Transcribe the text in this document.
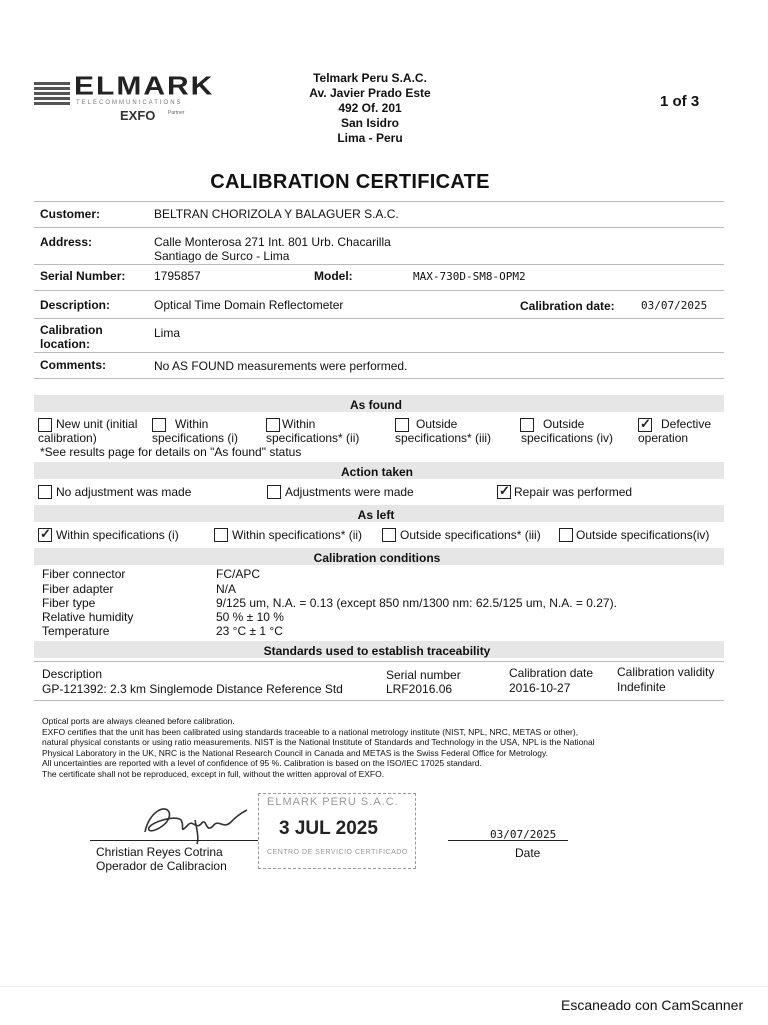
ELMARK
TELECOMMUNICATIONS
EXFO	Partner
Telmark Peru S.A.C.
Av. Javier Prado Este
492 Of. 201
San Isidro
Lima - Peru
1 of 3
CALIBRATION CERTIFICATE
Customer:	BELTRAN CHORIZOLA Y BALAGUER S.A.C.
Address:	Calle Monterosa 271 Int. 801 Urb. Chacarilla
Santiago de Surco - Lima
Serial Number: 1795857	Model:	MAX-730D-SM8-OPM2
Description:	Optical Time Domain Reflectometer	Calibration date: 03/07/2025
Calibration
location:
Lima
Comments:	No AS FOUND measurements were performed.
As found
New unit (initial
calibration)
Within
specifications (i)
Within
specifications* (ii)
Outside
specifications* (iii)
Outside
specifications (iv)
✓
Defective
operation
*See results page for details on "As found" status
Action taken
No adjustment was made	Adjustments were made
✓	Repair was performed
As left
✓
Within specifications (i)	Within specifications* (ii)	Outside specifications* (iii)	Outside specifications(iv)
Calibration conditions
Fiber connector	FC/APC
Fiber adapter	N/A
Fiber type	9/125 um, N.A. = 0.13 (except 850 nm/1300 nm: 62.5/125 um, N.A. = 0.27).
Relative humidity	50 % ± 10 %
Temperature	23 °C ± 1 °C
Standards used to establish traceability
Description	Serial number	Calibration date Calibration validity
GP-121392: 2.3 km Singlemode Distance Reference Std	LRF2016.06	2016-10-27	Indefinite
Optical ports are always cleaned before calibration.
EXFO certifies that the unit has been calibrated using standards traceable to a national metrology institute (NIST, NPL, NRC, METAS or other),
natural physical constants or using ratio measurements. NIST is the National Institute of Standards and Technology in the USA, NPL is the National
Physical Laboratory in the UK, NRC is the National Research Council in Canada and METAS is the Swiss Federal Office for Metrology.
All uncertainties are reported with a level of confidence of 95 %. Calibration is based on the ISO/IEC 17025 standard.
The certificate shall not be reproduced, except in full, without the written approval of EXFO.
Christian Reyes Cotrina
Operador de Calibracion
ELMARK PERU S.A.C.
3 JUL 2025
CENTRO DE SERVICIO CERTIFICADO
03/07/2025
Date
Escaneado con CamScanner
